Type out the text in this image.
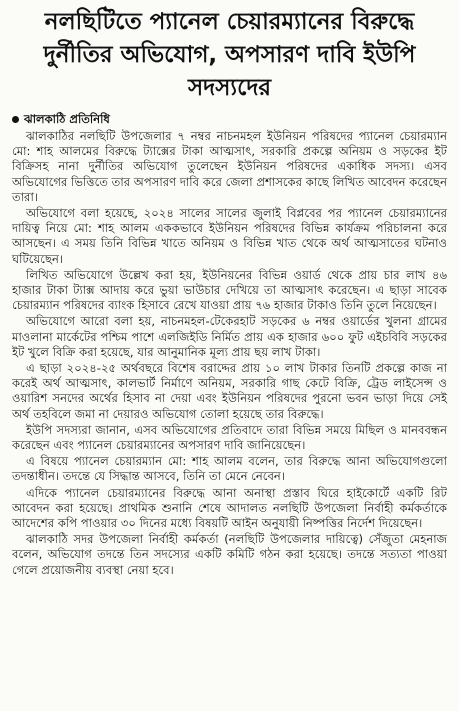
নলছিটিতে প্যানেল চেয়ারম্যানের বিরুদ্ধে দুর্নীতির অভিযোগ, অপসারণ দাবি ইউপি সদস্যদের
ঝালকাঠি প্রতিনিধি

ঝালকাঠির নলছিটি উপজেলার ৭ নম্বর নাচনমহল ইউনিয়ন পরিষদের প্যানেল চেয়ারম্যান মো: শাহ আলমের বিরুদ্ধে ট্যাক্সের টাকা আত্মসাৎ, সরকারি প্রকল্পে অনিয়ম ও সড়কের ইট বিক্রিসহ নানা দুর্নীতির অভিযোগ তুলেছেন ইউনিয়ন পরিষদের একাধিক সদস্য। এসব অভিযোগের ভিত্তিতে তার অপসারণ দাবি করে জেলা প্রশাসকের কাছে লিখিত আবেদন করেছেন তারা।

অভিযোগে বলা হয়েছে, ২০২৪ সালের সালের জুলাই বিপ্লবের পর প্যানেল চেয়ারম্যানের দায়িত্ব নিয়ে মো: শাহ আলম এককভাবে ইউনিয়ন পরিষদের বিভিন্ন কার্যক্রম পরিচালনা করে আসছেন। এ সময় তিনি বিভিন্ন খাতে অনিয়ম ও বিভিন্ন খাত থেকে অর্থ আত্মসাতের ঘটনাও ঘটিয়েছেন।

লিখিত অভিযোগে উল্লেখ করা হয়, ইউনিয়নের বিভিন্ন ওয়ার্ড থেকে প্রায় চার লাখ ৪৬ হাজার টাকা ট্যাক্স আদায় করে ভুয়া ভাউচার দেখিয়ে তা আত্মসাৎ করেছেন। এ ছাড়া সাবেক চেয়ারম্যান পরিষদের ব্যাংক হিসাবে রেখে যাওয়া প্রায় ৭৬ হাজার টাকাও তিনি তুলে নিয়েছেন।

অভিযোগে আরো বলা হয়, নাচনমহল-টেকেরহাট সড়কের ৬ নম্বর ওয়ার্ডের খুলনা গ্রামের মাওলানা মার্কেটের পশ্চিম পাশে এলজিইডি নির্মিত প্রায় এক হাজার ৬০০ ফুট এইচবিবি সড়কের ইট খুলে বিক্রি করা হয়েছে, যার আনুমানিক মূল্য প্রায় ছয় লাখ টাকা।

এ ছাড়া ২০২৪-২৫ অর্থবছরে বিশেষ বরাদ্দের প্রায় ১০ লাখ টাকার তিনটি প্রকল্পে কাজ না করেই অর্থ আত্মসাৎ, কালভার্ট নির্মাণে অনিয়ম, সরকারি গাছ কেটে বিক্রি, ট্রেড লাইসেন্স ও ওয়ারিশ সনদের অর্থের হিসাব না দেয়া এবং ইউনিয়ন পরিষদের পুরনো ভবন ভাড়া দিয়ে সেই অর্থ তহবিলে জমা না দেয়ারও অভিযোগ তোলা হয়েছে তার বিরুদ্ধে।

ইউপি সদস্যরা জানান, এসব অভিযোগের প্রতিবাদে তারা বিভিন্ন সময়ে মিছিল ও মানববন্ধন করেছেন এবং প্যানেল চেয়ারম্যানের অপসারণ দাবি জানিয়েছেন।

এ বিষয়ে প্যানেল চেয়ারম্যান মো: শাহ আলম বলেন, তার বিরুদ্ধে আনা অভিযোগগুলো তদন্তাধীন। তদন্তে যে সিদ্ধান্ত আসবে, তিনি তা মেনে নেবেন।

এদিকে প্যানেল চেয়ারম্যানের বিরুদ্ধে আনা অনাস্থা প্রস্তাব ঘিরে হাইকোর্টে একটি রিট আবেদন করা হয়েছে। প্রাথমিক শুনানি শেষে আদালত নলছিটি উপজেলা নির্বাহী কর্মকর্তাকে আদেশের কপি পাওয়ার ৩০ দিনের মধ্যে বিষয়টি আইন অনুযায়ী নিষ্পত্তির নির্দেশ দিয়েছেন।

ঝালকাঠি সদর উপজেলা নির্বাহী কর্মকর্তা (নলছিটি উপজেলার দায়িত্বে) সেঁজুতা মেহনাজ বলেন, অভিযোগ তদন্তে তিন সদস্যের একটি কমিটি গঠন করা হয়েছে। তদন্তে সত্যতা পাওয়া গেলে প্রয়োজনীয় ব্যবস্থা নেয়া হবে।
